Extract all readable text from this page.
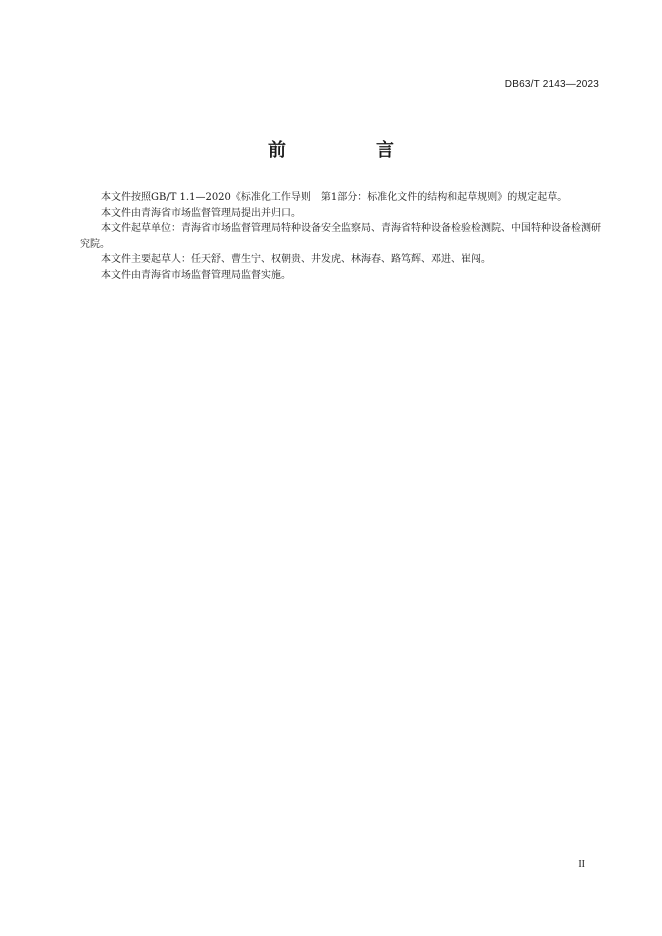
DB63/T 2143—2023
前　言

本文件按照GB/T 1.1—2020《标准化工作导则　第1部分：标准化文件的结构和起草规则》的规定起草。

本文件由青海省市场监督管理局提出并归口。

本文件起草单位：青海省市场监督管理局特种设备安全监察局、青海省特种设备检验检测院、中国特种设备检测研究院。

本文件主要起草人：任天舒、曹生宁、权朝贵、井发虎、林海春、路笃辉、邓进、崔闯。

本文件由青海省市场监督管理局监督实施。

II
